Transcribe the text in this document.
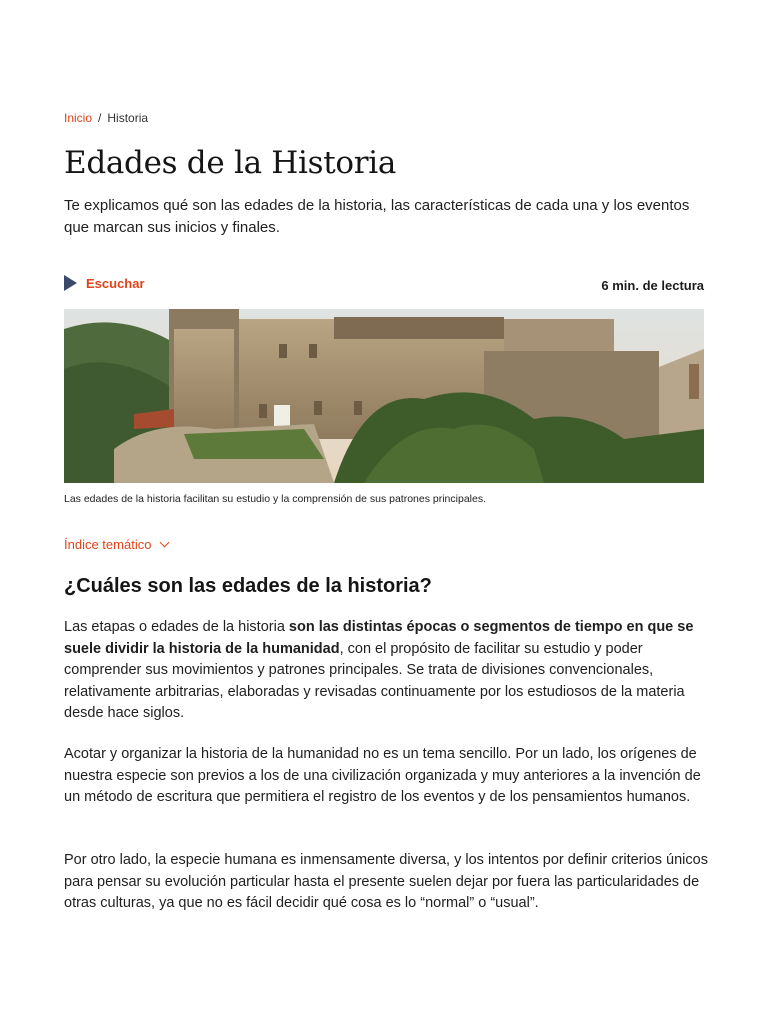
Inicio / Historia
Edades de la Historia

Te explicamos qué son las edades de la historia, las características de cada una y los eventos que marcan sus inicios y finales.

Escuchar	6 min. de lectura
Las edades de la historia facilitan su estudio y la comprensión de sus patrones principales.
Índice temático
¿Cuáles son las edades de la historia?

Las etapas o edades de la historia son las distintas épocas o segmentos de tiempo en que se suele dividir la historia de la humanidad, con el propósito de facilitar su estudio y poder comprender sus movimientos y patrones principales. Se trata de divisiones convencionales, relativamente arbitrarias, elaboradas y revisadas continuamente por los estudiosos de la materia desde hace siglos.

Acotar y organizar la historia de la humanidad no es un tema sencillo. Por un lado, los orígenes de nuestra especie son previos a los de una civilización organizada y muy anteriores a la invención de un método de escritura que permitiera el registro de los eventos y de los pensamientos humanos.

Por otro lado, la especie humana es inmensamente diversa, y los intentos por definir criterios únicos para pensar su evolución particular hasta el presente suelen dejar por fuera las particularidades de otras culturas, ya que no es fácil decidir qué cosa es lo “normal” o “usual”.
